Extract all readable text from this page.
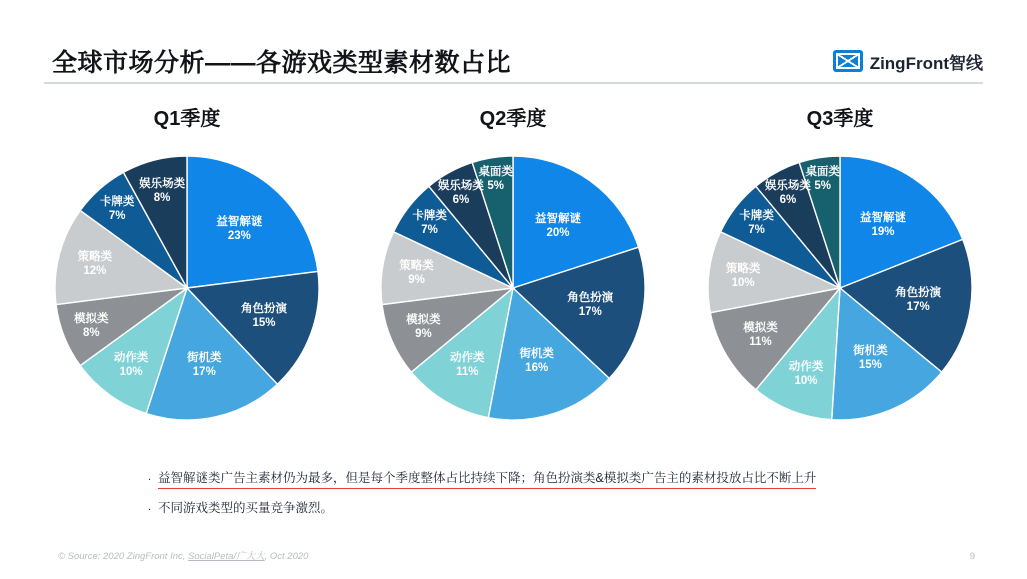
全球市场分析——各游戏类型素材数占比	ZingFront智线
Q1季度
益智解谜
23%
角色扮演
15%
街机类
17%
动作类
10%
模拟类
8%
策略类
12%
卡牌类
7%
娱乐场类
8%
Q2季度
益智解谜
20%
角色扮演
17%
街机类
16%
动作类
11%
模拟类
9%
策略类
9%
卡牌类
7%
娱乐场类
6%
桌面类
5%
Q3季度
益智解谜
19%
角色扮演
17%
街机类
15%
动作类
10%
模拟类
11%
策略类
10%
卡牌类
7%
娱乐场类
6%
桌面类
5%
. 益智解谜类广告主素材仍为最多，但是每个季度整体占比持续下降；角色扮演类&模拟类广告主的素材投放占比不断上升
. 不同游戏类型的买量竞争激烈。
© Source: 2020 ZingFront Inc, SocialPeta/广大大, Oct 2020	9
